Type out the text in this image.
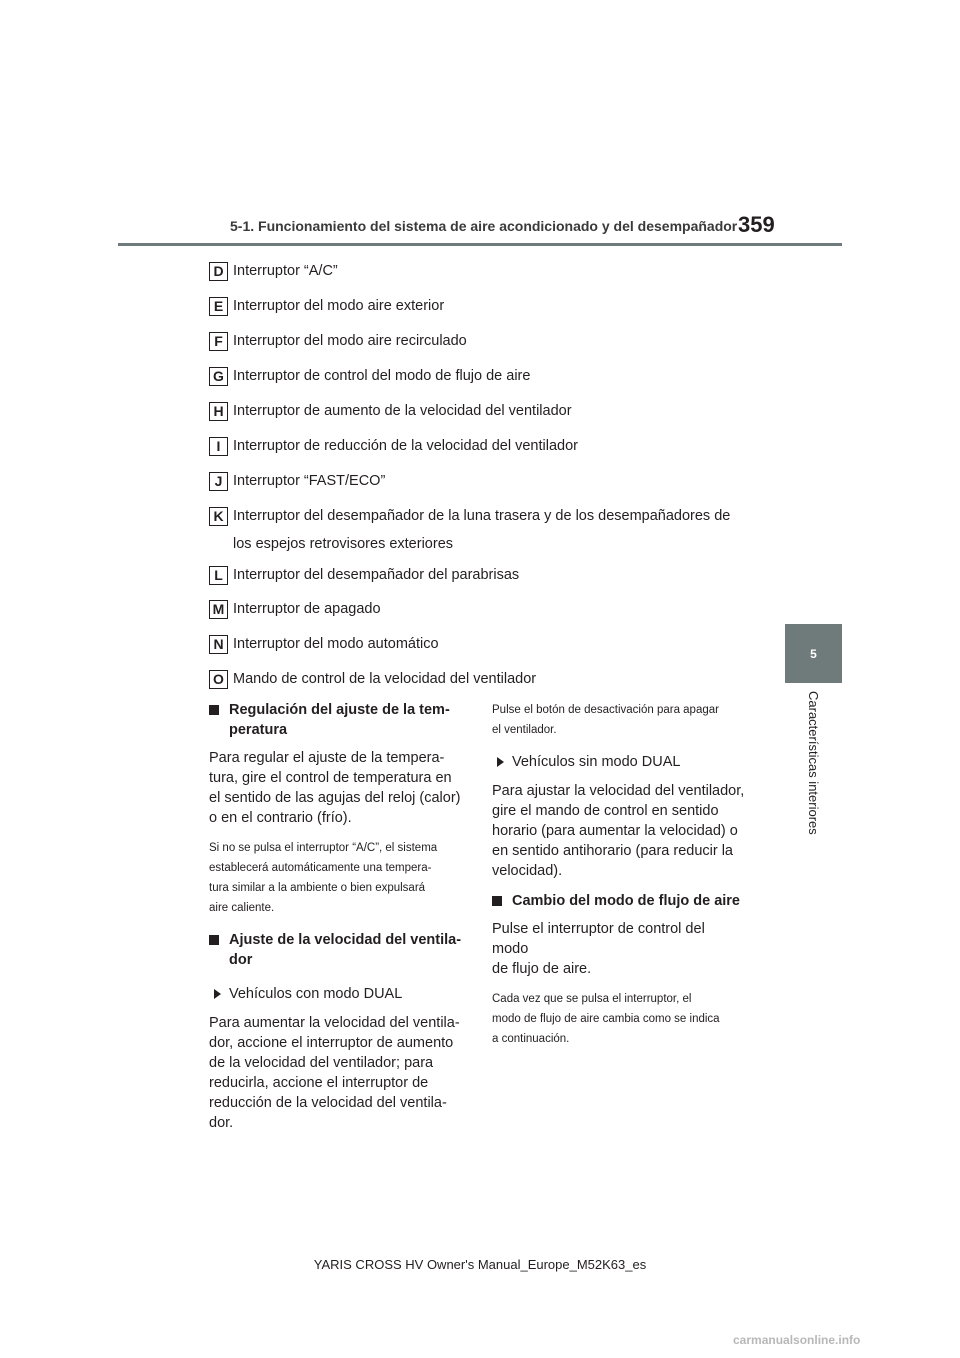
5-1. Funcionamiento del sistema de aire acondicionado y del desempañador 359
5
Características interiores
D Interruptor “A/C”
E Interruptor del modo aire exterior
F Interruptor del modo aire recirculado
G Interruptor de control del modo de flujo de aire
H Interruptor de aumento de la velocidad del ventilador
I Interruptor de reducción de la velocidad del ventilador
J Interruptor “FAST/ECO”
K Interruptor del desempañador de la luna trasera y de los desempañadores de
los espejos retrovisores exteriores
L Interruptor del desempañador del parabrisas
M Interruptor de apagado
N Interruptor del modo automático
O Mando de control de la velocidad del ventilador
Regulación del ajuste de la tem-
peratura

Para regular el ajuste de la tempera-
tura, gire el control de temperatura en
el sentido de las agujas del reloj (calor)
o en el contrario (frío).

Si no se pulsa el interruptor “A/C”, el sistema
establecerá automáticamente una tempera-
tura similar a la ambiente o bien expulsará
aire caliente.

Ajuste de la velocidad del ventila-
dor
Vehículos con modo DUAL

Para aumentar la velocidad del ventila-
dor, accione el interruptor de aumento
de la velocidad del ventilador; para
reducirla, accione el interruptor de
reducción de la velocidad del ventila-
dor.

Pulse el botón de desactivación para apagar
el ventilador.

Vehículos sin modo DUAL

Para ajustar la velocidad del ventilador,
gire el mando de control en sentido
horario (para aumentar la velocidad) o
en sentido antihorario (para reducir la
velocidad).

Cambio del modo de flujo de aire

Pulse el interruptor de control del modo
de flujo de aire.

Cada vez que se pulsa el interruptor, el
modo de flujo de aire cambia como se indica
a continuación.

YARIS CROSS HV Owner's Manual_Europe_M52K63_es
carmanualsonline.info
